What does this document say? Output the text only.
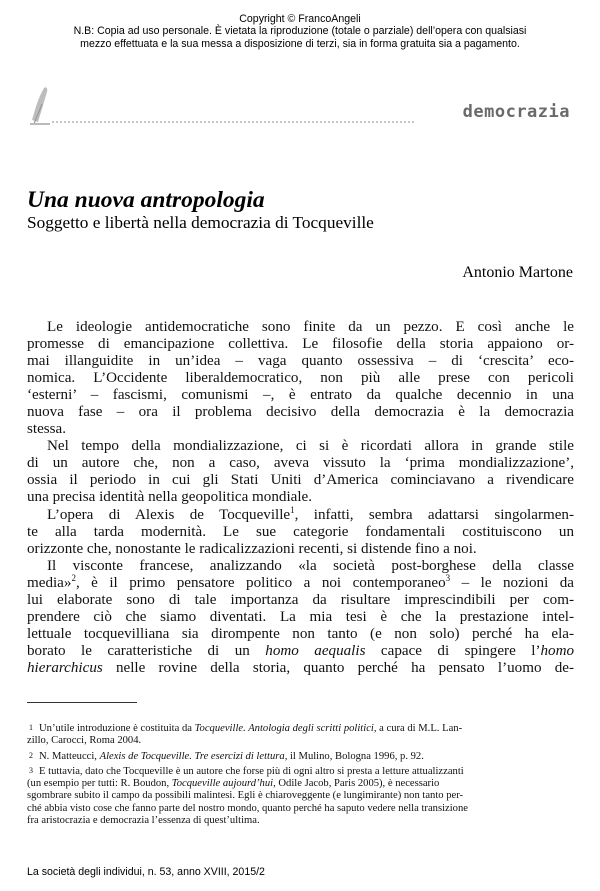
Copyright © FrancoAngeli
N.B: Copia ad uso personale. È vietata la riproduzione (totale o parziale) dell’opera con qualsiasi
mezzo effettuata e la sua messa a disposizione di terzi, sia in forma gratuita sia a pagamento.
democrazia
Una nuova antropologia
Soggetto e libertà nella democrazia di Tocqueville
Antonio Martone

Le ideologie antidemocratiche sono finite da un pezzo. E così anche le
promesse di emancipazione collettiva. Le filosofie della storia appaiono or-
mai illanguidite in un’idea – vaga quanto ossessiva – di ‘crescita’ eco-
nomica. L’Occidente liberaldemocratico, non più alle prese con pericoli
‘esterni’ – fascismi, comunismi –, è entrato da qualche decennio in una
nuova fase – ora il problema decisivo della democrazia è la democrazia
stessa.

Nel tempo della mondializzazione, ci si è ricordati allora in grande stile
di un autore che, non a caso, aveva vissuto la ‘prima mondializzazione’,
ossia il periodo in cui gli Stati Uniti d’America cominciavano a rivendicare
una precisa identità nella geopolitica mondiale.

L’opera di Alexis de Tocqueville$^1$, infatti, sembra adattarsi singolarmen-
te alla tarda modernità. Le sue categorie fondamentali costituiscono un
orizzonte che, nonostante le radicalizzazioni recenti, si distende fino a noi.

Il visconte francese, analizzando «la società post-borghese della classe
media»$^2$, è il primo pensatore politico a noi contemporaneo$^3$ – le nozioni da
lui elaborate sono di tale importanza da risultare imprescindibili per com-
prendere ciò che siamo diventati. La mia tesi è che la prestazione intel-
lettuale tocquevilliana sia dirompente non tanto (e non solo) perché ha ela-
borato le caratteristiche di un homo aequalis capace di spingere l’homo
hierarchicus nelle rovine della storia, quanto perché ha pensato l’uomo de-

$^1$ Un’utile introduzione è costituita da Tocqueville. Antologia degli scritti politici, a cura di M.L. Lan-
zillo, Carocci, Roma 2004.
$^2$ N. Matteucci, Alexis de Tocqueville. Tre esercizi di lettura, il Mulino, Bologna 1996, p. 92.
$^3$ E tuttavia, dato che Tocqueville è un autore che forse più di ogni altro si presta a letture attualizzanti
(un esempio per tutti: R. Boudon, Tocqueville aujourd’hui, Odile Jacob, Paris 2005), è necessario
sgombrare subito il campo da possibili malintesi. Egli è chiaroveggente (e lungimirante) non tanto per-
ché abbia visto cose che fanno parte del nostro mondo, quanto perché ha saputo vedere nella transizione
fra aristocrazia e democrazia l’essenza di quest’ultima.
La società degli individui, n. 53, anno XVIII, 2015/2
